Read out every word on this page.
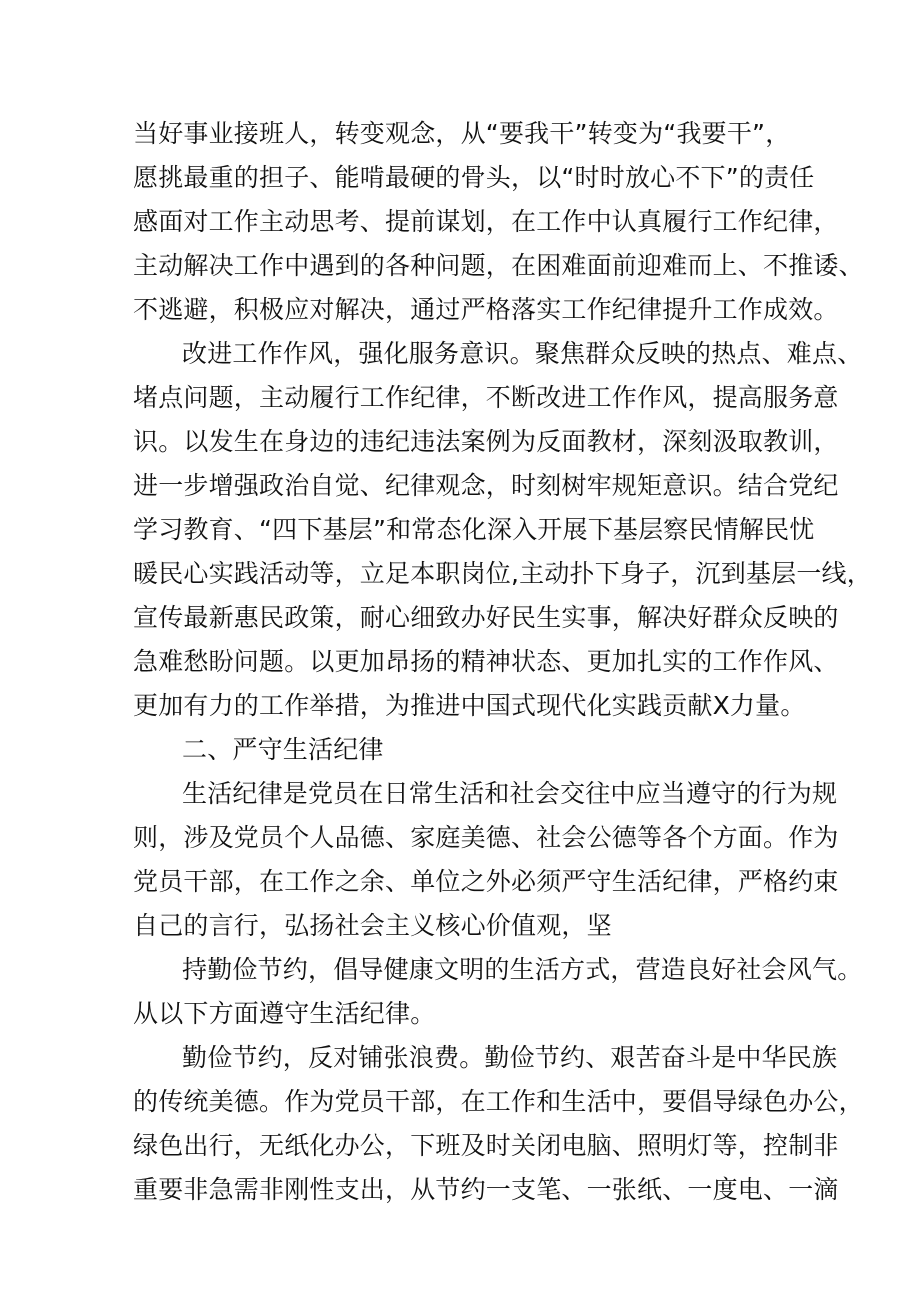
当好事业接班人，转变观念，从“要我干”转变为“我要干”，
愿挑最重的担子、能啃最硬的骨头，以“时时放心不下”的责任
感面对工作主动思考、提前谋划，在工作中认真履行工作纪律，
主动解决工作中遇到的各种问题，在困难面前迎难而上、不推诿、
不逃避，积极应对解决，通过严格落实工作纪律提升工作成效。
改进工作作风，强化服务意识。聚焦群众反映的热点、难点、
堵点问题，主动履行工作纪律，不断改进工作作风，提高服务意
识。以发生在身边的违纪违法案例为反面教材，深刻汲取教训，
进一步增强政治自觉、纪律观念，时刻树牢规矩意识。结合党纪
学习教育、“四下基层”和常态化深入开展下基层察民情解民忧
暖民心实践活动等，立足本职岗位,主动扑下身子，沉到基层一线，
宣传最新惠民政策，耐心细致办好民生实事，解决好群众反映的
急难愁盼问题。以更加昂扬的精神状态、更加扎实的工作作风、
更加有力的工作举措，为推进中国式现代化实践贡献X力量。
二、严守生活纪律
生活纪律是党员在日常生活和社会交往中应当遵守的行为规
则，涉及党员个人品德、家庭美德、社会公德等各个方面。作为
党员干部，在工作之余、单位之外必须严守生活纪律，严格约束
自己的言行，弘扬社会主义核心价值观，坚
持勤俭节约，倡导健康文明的生活方式，营造良好社会风气。
从以下方面遵守生活纪律。
勤俭节约，反对铺张浪费。勤俭节约、艰苦奋斗是中华民族
的传统美德。作为党员干部，在工作和生活中，要倡导绿色办公，
绿色出行，无纸化办公，下班及时关闭电脑、照明灯等，控制非
重要非急需非刚性支出，从节约一支笔、一张纸、一度电、一滴
